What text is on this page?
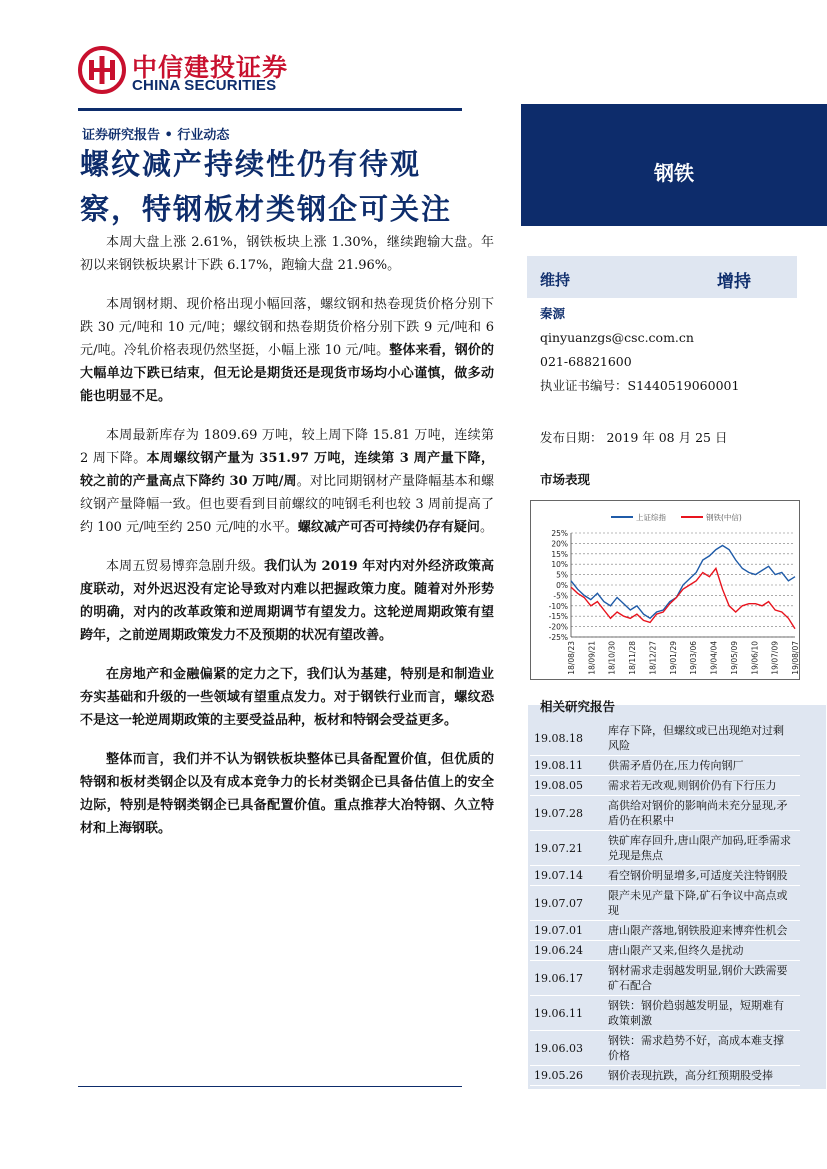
中信建投证券
CHINA SECURITIES
证券研究报告 • 行业动态
螺纹减产持续性仍有待观
察，特钢板材类钢企可关注
本周大盘上涨 2.61%，钢铁板块上涨 1.30%，继续跑输大盘。年初以来钢铁板块累计下跌 6.17%，跑输大盘 21.96%。
本周钢材期、现价格出现小幅回落，螺纹钢和热卷现货价格分别下跌 30 元/吨和 10 元/吨；螺纹钢和热卷期货价格分别下跌 9 元/吨和 6 元/吨。冷轧价格表现仍然坚挺，小幅上涨 10 元/吨。整体来看，钢价的大幅单边下跌已结束，但无论是期货还是现货市场均小心谨慎，做多动能也明显不足。
本周最新库存为 1809.69 万吨，较上周下降 15.81 万吨，连续第 2 周下降。本周螺纹钢产量为 351.97 万吨，连续第 3 周产量下降，较之前的产量高点下降约 30 万吨/周。对比同期钢材产量降幅基本和螺纹钢产量降幅一致。但也要看到目前螺纹的吨钢毛利也较 3 周前提高了约 100 元/吨至约 250 元/吨的水平。螺纹减产可否可持续仍存有疑问。
本周五贸易博弈急剧升级。我们认为 2019 年对内对外经济政策高度联动，对外迟迟没有定论导致对内难以把握政策力度。随着对外形势的明确，对内的改革政策和逆周期调节有望发力。这轮逆周期政策有望跨年，之前逆周期政策发力不及预期的状况有望改善。
在房地产和金融偏紧的定力之下，我们认为基建，特别是和制造业夯实基础和升级的一些领域有望重点发力。对于钢铁行业而言，螺纹恐不是这一轮逆周期政策的主要受益品种，板材和特钢会受益更多。
整体而言，我们并不认为钢铁板块整体已具备配置价值，但优质的特钢和板材类钢企以及有成本竞争力的长材类钢企已具备估值上的安全边际，特别是特钢类钢企已具备配置价值。重点推荐大冶特钢、久立特材和上海钢联。
钢铁
维持	增持
秦源
qinyuanzgs@csc.com.cn
021-68821600
执业证书编号：S1440519060001
发布日期： 2019 年 08 月 25 日
市场表现
25%
20%
15%
10%
5%
0%
-5%
-10%
-15%
-20%
-25%
18/08/23 18/09/21 18/10/30 18/11/28 18/12/27 19/01/29 19/03/06 19/04/04 19/05/09 19/06/10 19/07/09 19/08/07
上证综指	钢铁(中信)
相关研究报告
19.08.18
库存下降，但螺纹或已出现绝对过剩风险
19.08.11	供需矛盾仍在,压力传向钢厂
19.08.05	需求若无改观,则钢价仍有下行压力
19.07.28
高供给对钢价的影响尚未充分显现,矛盾仍在积累中
19.07.21
铁矿库存回升,唐山限产加码,旺季需求兑现是焦点
19.07.14	看空钢价明显增多,可适度关注特钢股
19.07.07
限产未见产量下降,矿石争议中高点或现
19.07.01	唐山限产落地,钢铁股迎来博弈性机会
19.06.24	唐山限产又来,但终久是扰动
19.06.17
钢材需求走弱越发明显,钢价大跌需要矿石配合
19.06.11
钢铁：钢价趋弱越发明显，短期难有政策刺激
19.06.03
钢铁：需求趋势不好，高成本难支撑价格
19.05.26	钢价表现抗跌，高分红预期股受捧
